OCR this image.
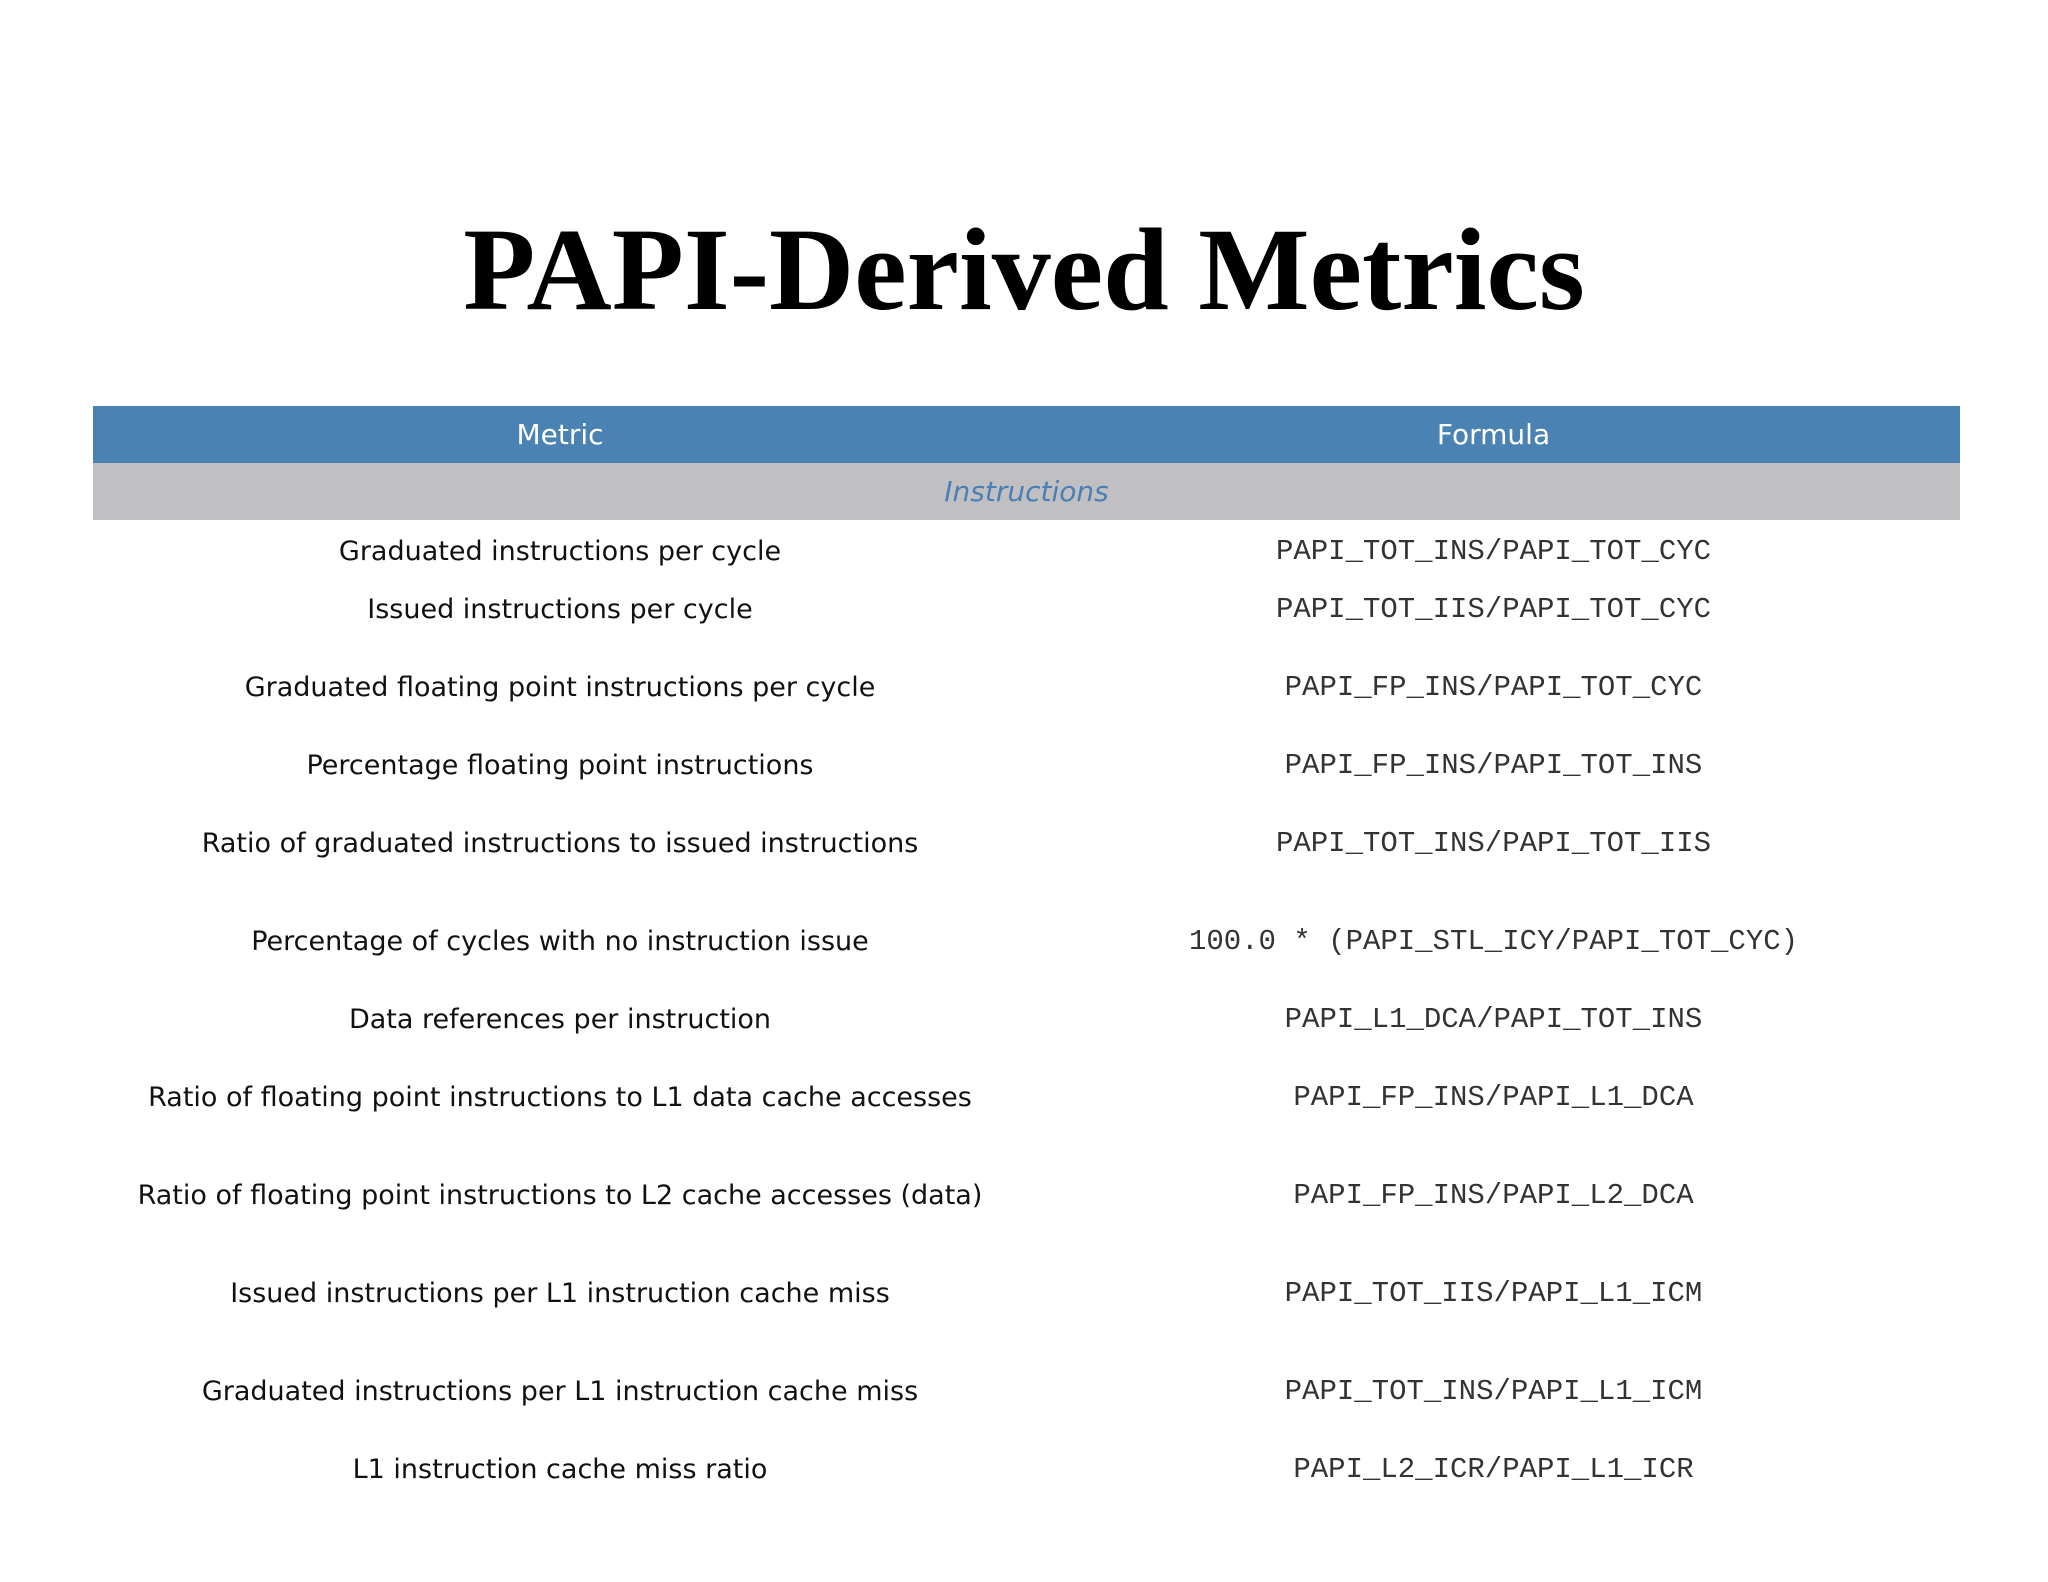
PAPI-Derived Metrics
Metric	Formula
Instructions
Graduated instructions per cycle	PAPI_TOT_INS/PAPI_TOT_CYC
Issued instructions per cycle	PAPI_TOT_IIS/PAPI_TOT_CYC
Graduated floating point instructions per cycle	PAPI_FP_INS/PAPI_TOT_CYC
Percentage floating point instructions	PAPI_FP_INS/PAPI_TOT_INS
Ratio of graduated instructions to issued instructions	PAPI_TOT_INS/PAPI_TOT_IIS
Percentage of cycles with no instruction issue	100.0 * (PAPI_STL_ICY/PAPI_TOT_CYC)
Data references per instruction	PAPI_L1_DCA/PAPI_TOT_INS
Ratio of floating point instructions to L1 data cache accesses	PAPI_FP_INS/PAPI_L1_DCA
Ratio of floating point instructions to L2 cache accesses (data)	PAPI_FP_INS/PAPI_L2_DCA
Issued instructions per L1 instruction cache miss	PAPI_TOT_IIS/PAPI_L1_ICM
Graduated instructions per L1 instruction cache miss	PAPI_TOT_INS/PAPI_L1_ICM
L1 instruction cache miss ratio	PAPI_L2_ICR/PAPI_L1_ICR
